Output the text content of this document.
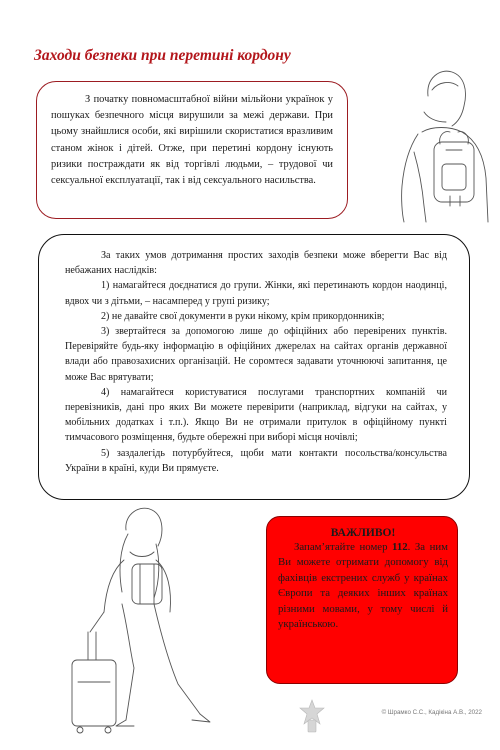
Заходи безпеки при перетині кордону

З початку повномасштабної війни мільйони українок у пошуках безпечного місця вирушили за межі держави. При цьому знайшлися особи, які вирішили скористатися вразливим станом жінок і дітей. Отже, при перетині кордону існують ризики постраждати як від торгівлі людьми, – трудової чи сексуальної експлуатації, так і від сексуального насильства.

За таких умов дотримання простих заходів безпеки може вберегти Вас від небажаних наслідків:

1) намагайтеся доєднатися до групи. Жінки, які перетинають кордон наодинці, вдвох чи з дітьми, – насамперед у групі ризику;

2) не давайте свої документи в руки нікому, крім прикордонників;

3) звертайтеся за допомогою лише до офіційних або перевірених пунктів. Перевіряйте будь-яку інформацію в офіційних джерелах на сайтах органів державної влади або правозахисних організацій. Не соромтеся задавати уточнюючі запитання, це може Вас врятувати;

4) намагайтеся користуватися послугами транспортних компаній чи перевізників, дані про яких Ви можете перевірити (наприклад, відгуки на сайтах, у мобільних додатках і т.п.). Якщо Ви не отримали притулок в офіційному пункті тимчасового розміщення, будьте обережні при виборі місця ночівлі;

5) заздалегідь потурбуйтеся, щоби мати контакти посольства/консульства України в країні, куди Ви прямуєте.

ВАЖЛИВО!

Запам’ятайте номер 112. За ним Ви можете отримати допомогу від фахівців екстрених служб у країнах Європи та деяких інших країнах різними мовами, у тому числі й українською.

© Шрамко С.С., Кадікіна А.В., 2022
